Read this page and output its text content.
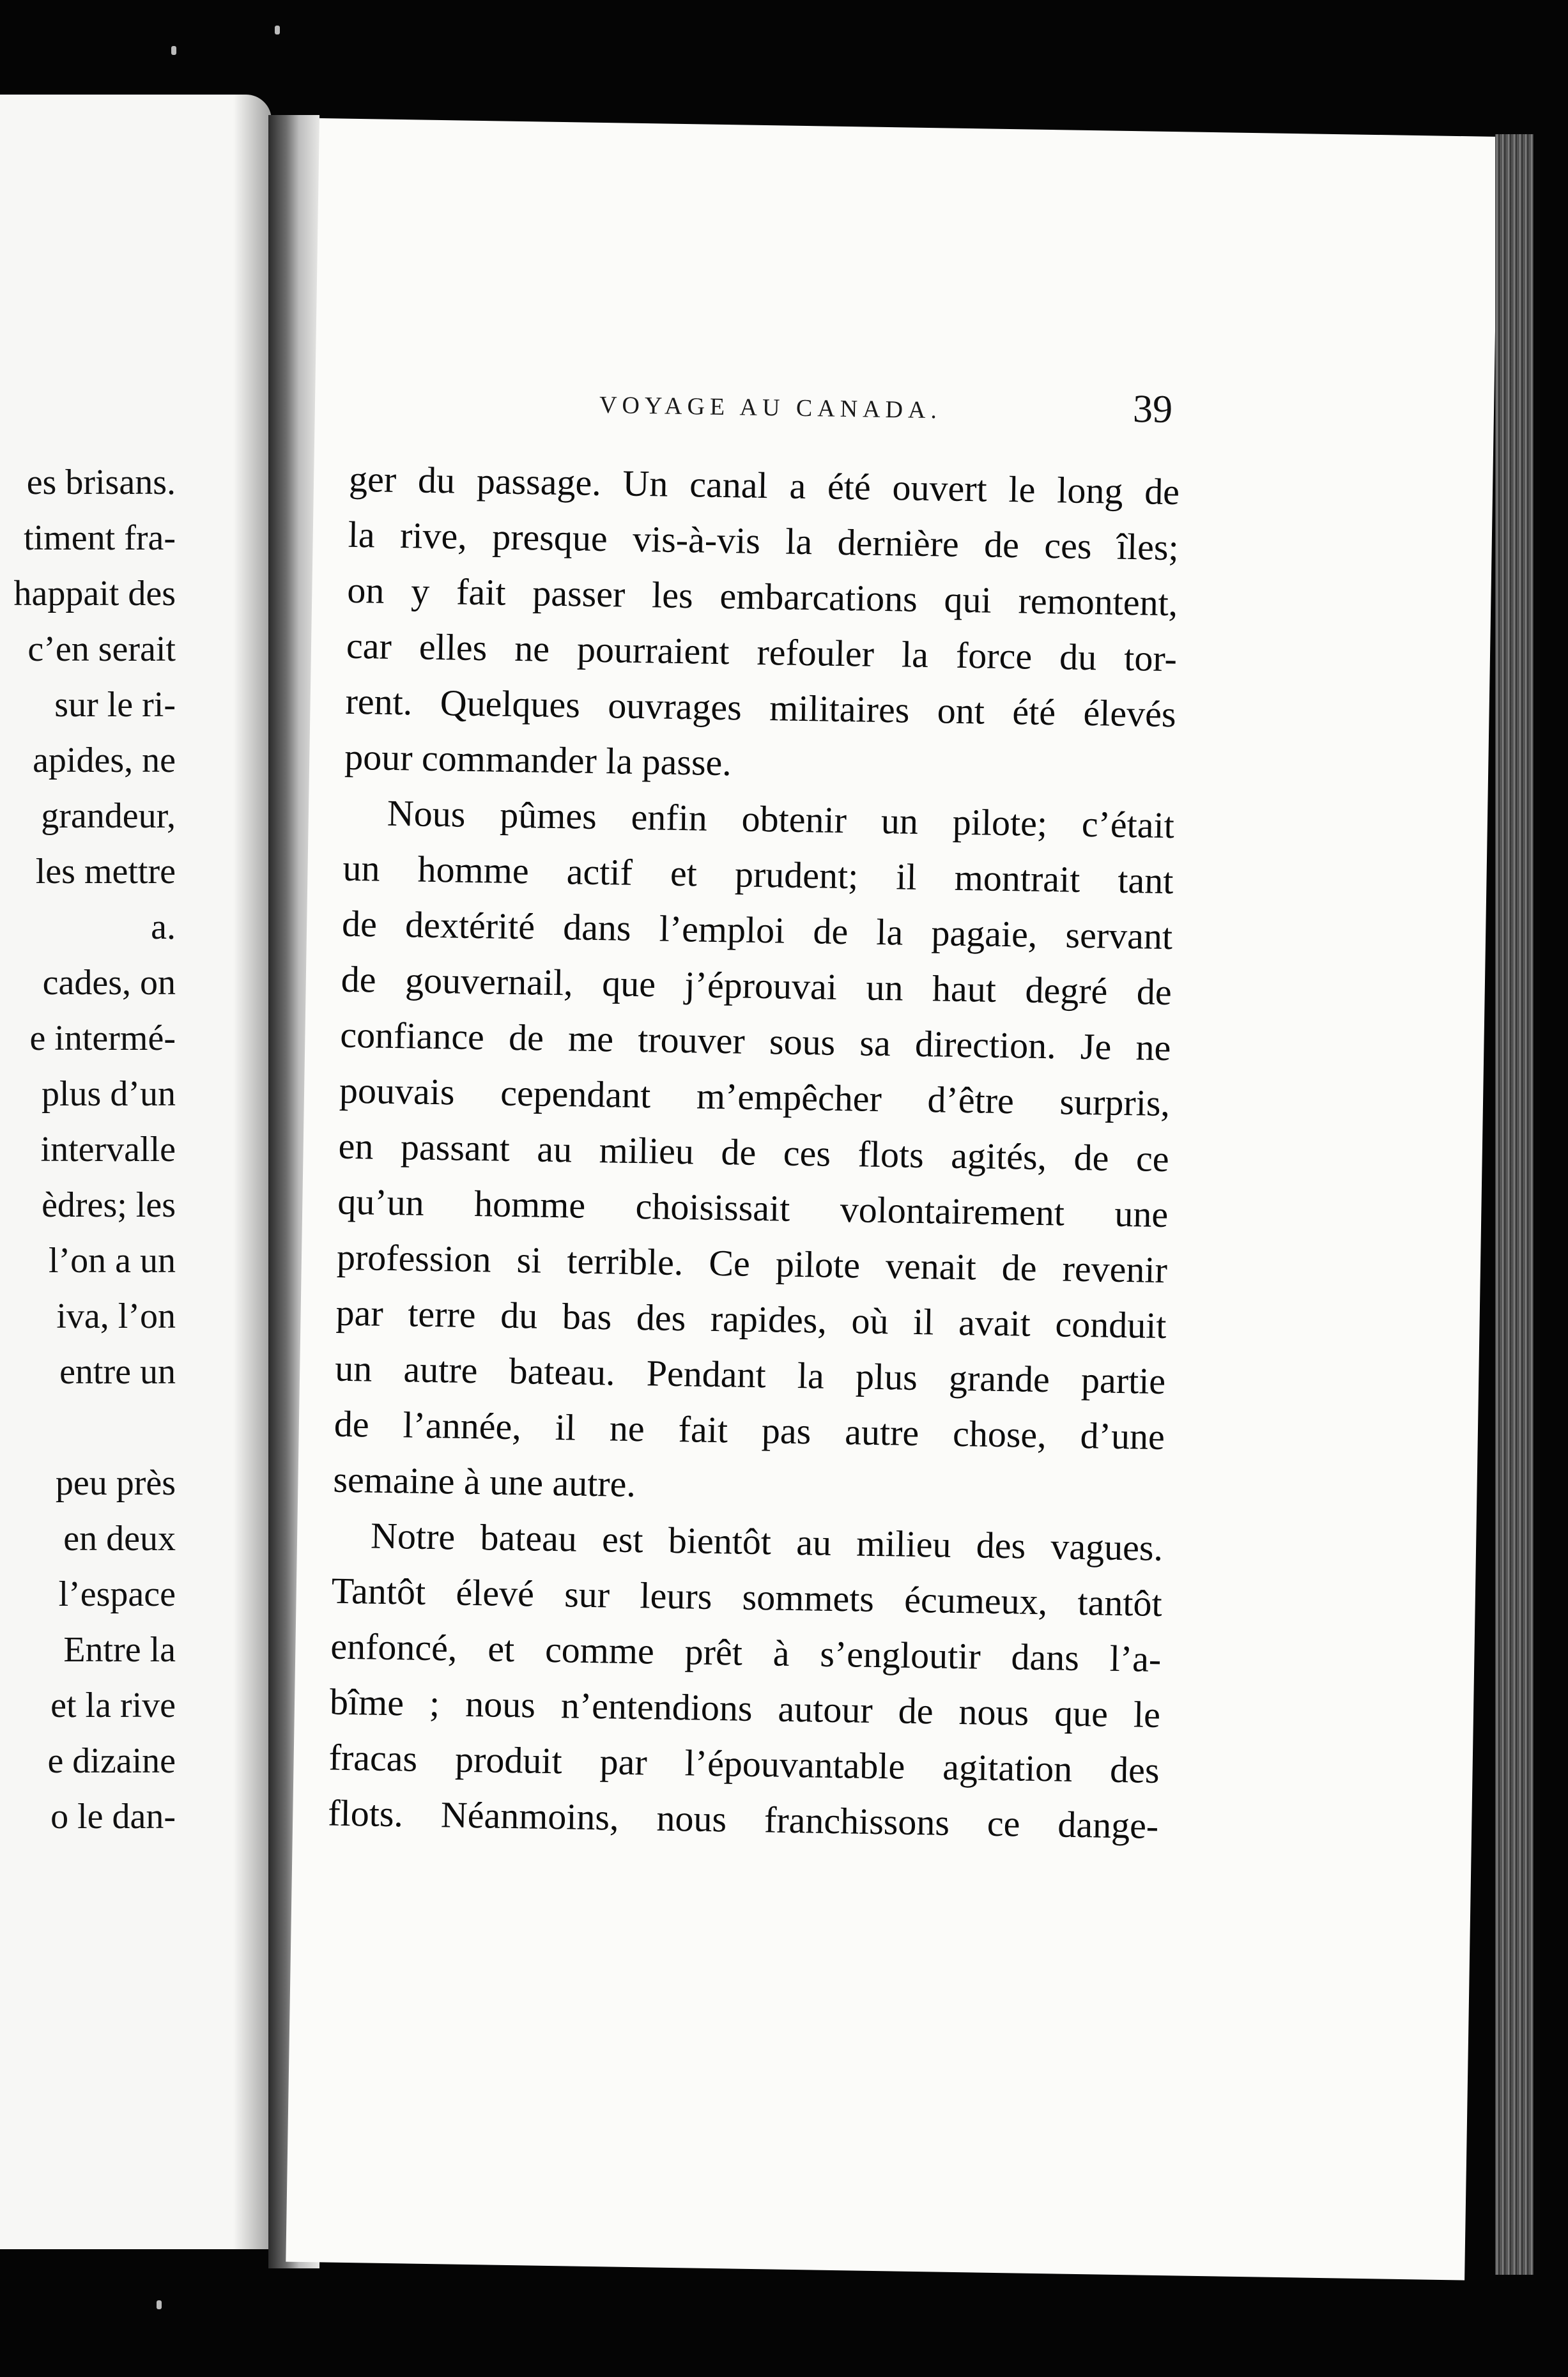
es brisans.
timent fra-
happait des
c’en serait
sur le ri-
apides, ne
grandeur,
les mettre
a.
cades, on
e intermé-
plus d’un
intervalle
èdres; les
l’on a un
iva, l’on
entre un
peu près
en deux
l’espace
Entre la
et la rive
e dizaine
o le dan-
VOYAGE AU CANADA.	39
ger du passage. Un canal a été ouvert le long de
la rive, presque vis-à-vis la dernière de ces îles;
on y fait passer les embarcations qui remontent,
car elles ne pourraient refouler la force du tor-
rent. Quelques ouvrages militaires ont été élevés
pour commander la passe.
Nous pûmes enfin obtenir un pilote; c’était
un homme actif et prudent; il montrait tant
de dextérité dans l’emploi de la pagaie, servant
de gouvernail, que j’éprouvai un haut degré de
confiance de me trouver sous sa direction. Je ne
pouvais cependant m’empêcher d’être surpris,
en passant au milieu de ces flots agités, de ce
qu’un homme choisissait volontairement une
profession si terrible. Ce pilote venait de revenir
par terre du bas des rapides, où il avait conduit
un autre bateau. Pendant la plus grande partie
de l’année, il ne fait pas autre chose, d’une
semaine à une autre.
Notre bateau est bientôt au milieu des vagues.
Tantôt élevé sur leurs sommets écumeux, tantôt
enfoncé, et comme prêt à s’engloutir dans l’a-
bîme ; nous n’entendions autour de nous que le
fracas produit par l’épouvantable agitation des
flots. Néanmoins, nous franchissons ce dange-
